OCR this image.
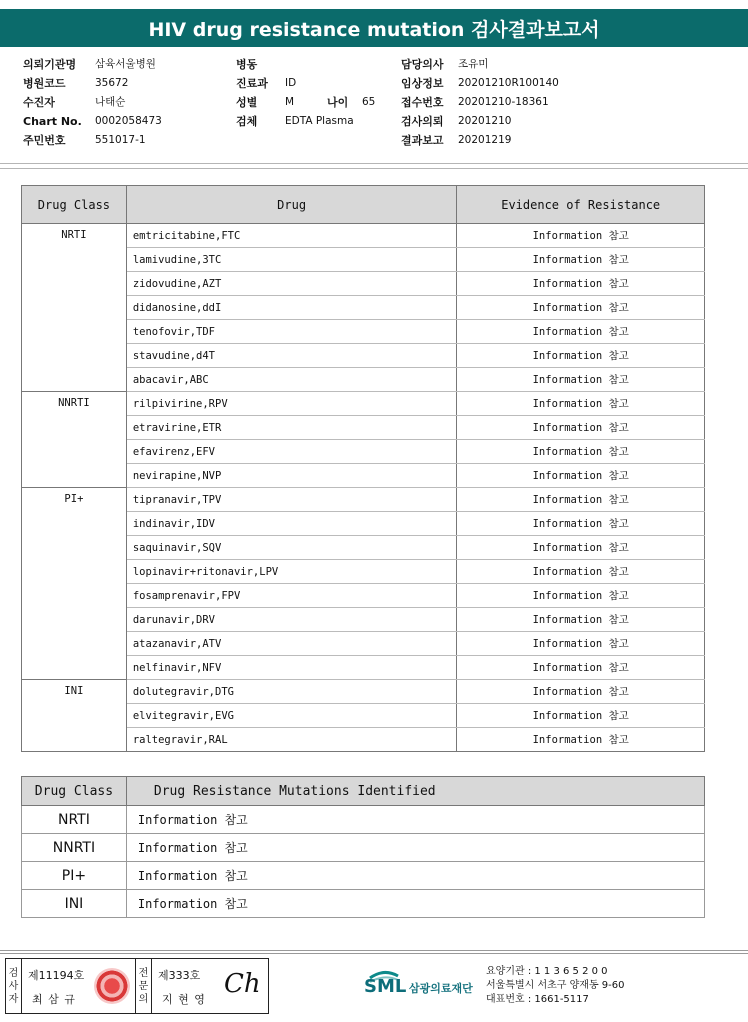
HIV drug resistance mutation 검사결과보고서
의뢰기관명	삼육서울병원
병원코드	35672
수진자	나태순
Chart No.	0002058473
주민번호	551017-1
병동
진료과	ID
성별	M	나이	65
검체	EDTA Plasma
담당의사	조유미
임상정보	20201210R100140
접수번호	20201210-18361
검사의뢰	20201210
결과보고	20201219
Drug Class	Drug	Evidence of Resistance
NRTI	emtricitabine,FTC	Information 참고
	lamivudine,3TC	Information 참고
	zidovudine,AZT	Information 참고
	didanosine,ddI	Information 참고
	tenofovir,TDF	Information 참고
	stavudine,d4T	Information 참고
	abacavir,ABC	Information 참고
NNRTI	rilpivirine,RPV	Information 참고
	etravirine,ETR	Information 참고
	efavirenz,EFV	Information 참고
	nevirapine,NVP	Information 참고
PI+	tipranavir,TPV	Information 참고
	indinavir,IDV	Information 참고
	saquinavir,SQV	Information 참고
	lopinavir+ritonavir,LPV	Information 참고
	fosamprenavir,FPV	Information 참고
	darunavir,DRV	Information 참고
	atazanavir,ATV	Information 참고
	nelfinavir,NFV	Information 참고
INI	dolutegravir,DTG	Information 참고
	elvitegravir,EVG	Information 참고
	raltegravir,RAL	Information 참고
Drug Class	Drug Resistance Mutations Identified
NRTI	Information 참고
NNRTI	Information 참고
PI+	Information 참고
INI	Information 참고
검
사
자
제11194호
최 삼 규
전
문
의
제333호
지 현 영
Ch	SML 삼광의료재단
요양기관 : 1 1 3 6 5 2 0 0
서울특별시 서초구 양재동 9-60
대표번호 : 1661-5117
